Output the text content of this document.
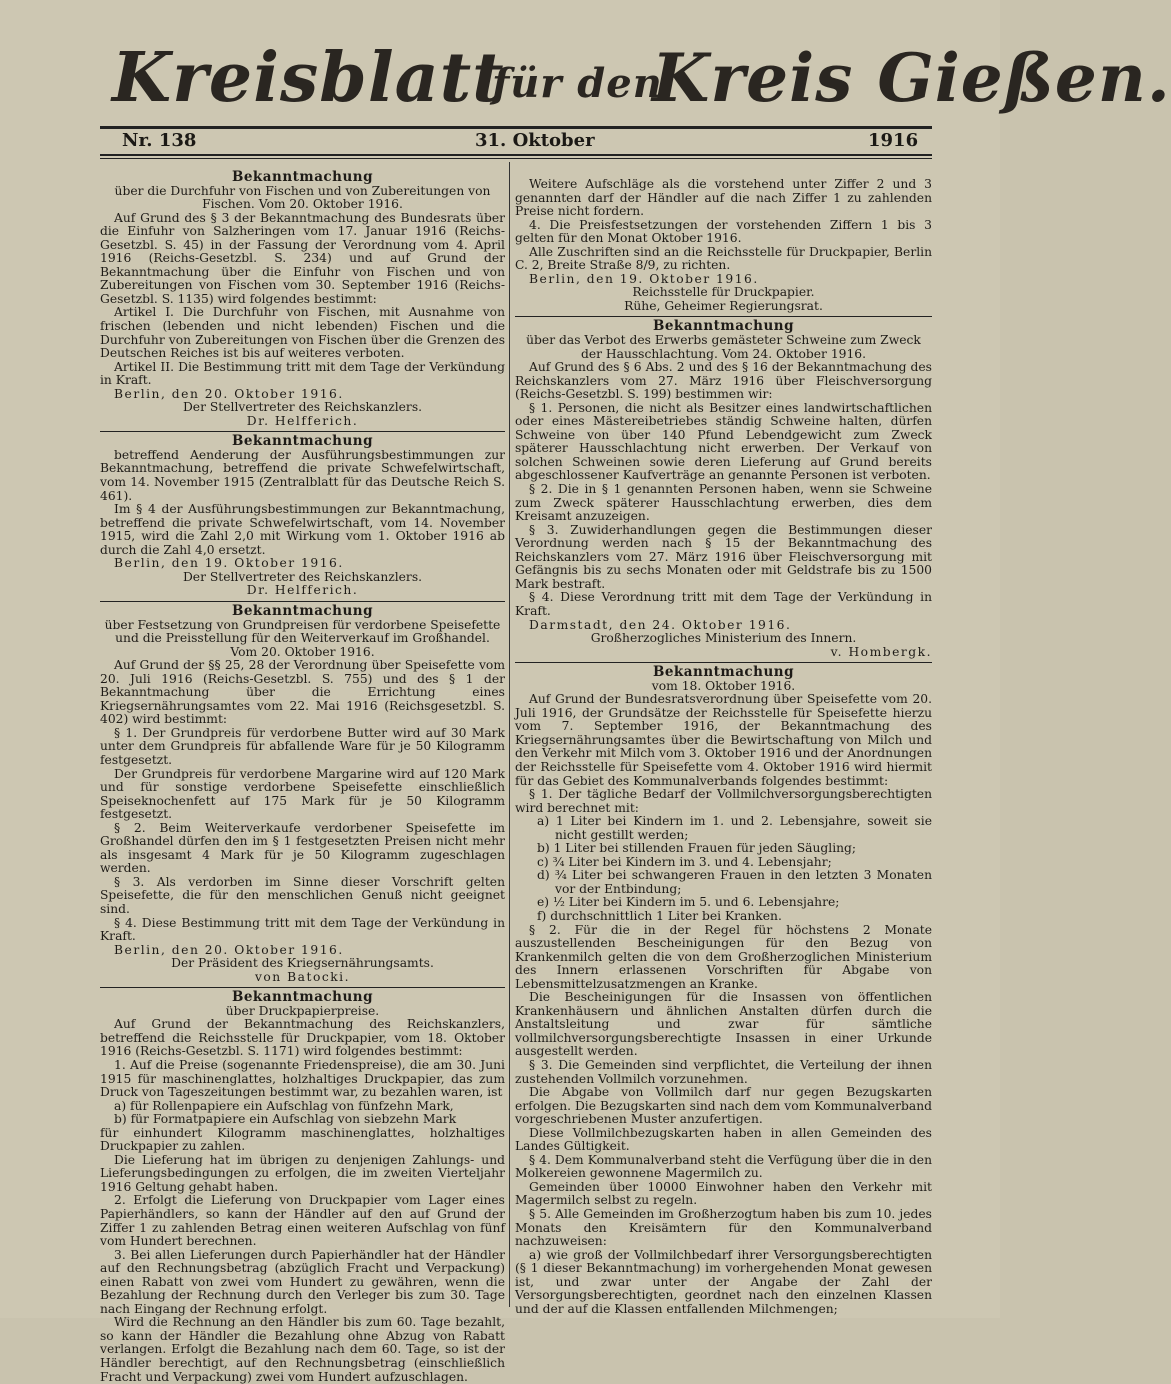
Kreisblatt
für den
Kreis Gießen.
Nr. 138	31. Oktober	1916

Bekanntmachung

über die Durchfuhr von Fischen und von Zubereitungen von Fischen. Vom 20. Oktober 1916.

Auf Grund des § 3 der Bekanntmachung des Bundesrats über die Einfuhr von Salzheringen vom 17. Januar 1916 (Reichs-Gesetzbl. S. 45) in der Fassung der Verordnung vom 4. April 1916 (Reichs-Gesetzbl. S. 234) und auf Grund der Bekanntmachung über die Einfuhr von Fischen und von Zubereitungen von Fischen vom 30. September 1916 (Reichs-Gesetzbl. S. 1135) wird folgendes bestimmt:

Artikel I. Die Durchfuhr von Fischen, mit Ausnahme von frischen (lebenden und nicht lebenden) Fischen und die Durchfuhr von Zubereitungen von Fischen über die Grenzen des Deutschen Reiches ist bis auf weiteres verboten.

Artikel II. Die Bestimmung tritt mit dem Tage der Verkündung in Kraft.

Berlin, den 20. Oktober 1916.

Der Stellvertreter des Reichskanzlers.

Dr. Helfferich.

Bekanntmachung

betreffend Aenderung der Ausführungsbestimmungen zur Bekanntmachung, betreffend die private Schwefelwirtschaft, vom 14. November 1915 (Zentralblatt für das Deutsche Reich S. 461).

Im § 4 der Ausführungsbestimmungen zur Bekanntmachung, betreffend die private Schwefelwirtschaft, vom 14. November 1915, wird die Zahl 2,0 mit Wirkung vom 1. Oktober 1916 ab durch die Zahl 4,0 ersetzt.

Berlin, den 19. Oktober 1916.

Der Stellvertreter des Reichskanzlers.

Dr. Helfferich.

Bekanntmachung

über Festsetzung von Grundpreisen für verdorbene Speisefette und die Preisstellung für den Weiterverkauf im Großhandel.

Vom 20. Oktober 1916.

Auf Grund der §§ 25, 28 der Verordnung über Speisefette vom 20. Juli 1916 (Reichs-Gesetzbl. S. 755) und des § 1 der Bekanntmachung über die Errichtung eines Kriegsernährungsamtes vom 22. Mai 1916 (Reichsgesetzbl. S. 402) wird bestimmt:

§ 1. Der Grundpreis für verdorbene Butter wird auf 30 Mark unter dem Grundpreis für abfallende Ware für je 50 Kilogramm festgesetzt.

Der Grundpreis für verdorbene Margarine wird auf 120 Mark und für sonstige verdorbene Speisefette einschließlich Speiseknochenfett auf 175 Mark für je 50 Kilogramm festgesetzt.

§ 2. Beim Weiterverkaufe verdorbener Speisefette im Großhandel dürfen den im § 1 festgesetzten Preisen nicht mehr als insgesamt 4 Mark für je 50 Kilogramm zugeschlagen werden.

§ 3. Als verdorben im Sinne dieser Vorschrift gelten Speisefette, die für den menschlichen Genuß nicht geeignet sind.

§ 4. Diese Bestimmung tritt mit dem Tage der Verkündung in Kraft.

Berlin, den 20. Oktober 1916.

Der Präsident des Kriegsernährungsamts.

von Batocki.

Bekanntmachung

über Druckpapierpreise.

Auf Grund der Bekanntmachung des Reichskanzlers, betreffend die Reichsstelle für Druckpapier, vom 18. Oktober 1916 (Reichs-Gesetzbl. S. 1171) wird folgendes bestimmt:

1. Auf die Preise (sogenannte Friedenspreise), die am 30. Juni 1915 für maschinenglattes, holzhaltiges Druckpapier, das zum Druck von Tageszeitungen bestimmt war, zu bezahlen waren, ist

a) für Rollenpapiere ein Aufschlag von fünfzehn Mark,

b) für Formatpapiere ein Aufschlag von siebzehn Mark

für einhundert Kilogramm maschinenglattes, holzhaltiges Druckpapier zu zahlen.

Die Lieferung hat im übrigen zu denjenigen Zahlungs- und Lieferungsbedingungen zu erfolgen, die im zweiten Vierteljahr 1916 Geltung gehabt haben.

2. Erfolgt die Lieferung von Druckpapier vom Lager eines Papierhändlers, so kann der Händler auf den auf Grund der Ziffer 1 zu zahlenden Betrag einen weiteren Aufschlag von fünf vom Hundert berechnen.

3. Bei allen Lieferungen durch Papierhändler hat der Händler auf den Rechnungsbetrag (abzüglich Fracht und Verpackung) einen Rabatt von zwei vom Hundert zu gewähren, wenn die Bezahlung der Rechnung durch den Verleger bis zum 30. Tage nach Eingang der Rechnung erfolgt.

Wird die Rechnung an den Händler bis zum 60. Tage bezahlt, so kann der Händler die Bezahlung ohne Abzug von Rabatt verlangen. Erfolgt die Bezahlung nach dem 60. Tage, so ist der Händler berechtigt, auf den Rechnungsbetrag (einschließlich Fracht und Verpackung) zwei vom Hundert aufzuschlagen.

Weitere Aufschläge als die vorstehend unter Ziffer 2 und 3 genannten darf der Händler auf die nach Ziffer 1 zu zahlenden Preise nicht fordern.

4. Die Preisfestsetzungen der vorstehenden Ziffern 1 bis 3 gelten für den Monat Oktober 1916.

Alle Zuschriften sind an die Reichsstelle für Druckpapier, Berlin C. 2, Breite Straße 8/9, zu richten.

Berlin, den 19. Oktober 1916.

Reichsstelle für Druckpapier.

Rühe, Geheimer Regierungsrat.

Bekanntmachung

über das Verbot des Erwerbs gemästeter Schweine zum Zweck der Hausschlachtung. Vom 24. Oktober 1916.

Auf Grund des § 6 Abs. 2 und des § 16 der Bekanntmachung des Reichskanzlers vom 27. März 1916 über Fleischversorgung (Reichs-Gesetzbl. S. 199) bestimmen wir:

§ 1. Personen, die nicht als Besitzer eines landwirtschaftlichen oder eines Mästereibetriebes ständig Schweine halten, dürfen Schweine von über 140 Pfund Lebendgewicht zum Zweck späterer Hausschlachtung nicht erwerben. Der Verkauf von solchen Schweinen sowie deren Lieferung auf Grund bereits abgeschlossener Kaufverträge an genannte Personen ist verboten.

§ 2. Die in § 1 genannten Personen haben, wenn sie Schweine zum Zweck späterer Hausschlachtung erwerben, dies dem Kreisamt anzuzeigen.

§ 3. Zuwiderhandlungen gegen die Bestimmungen dieser Verordnung werden nach § 15 der Bekanntmachung des Reichskanzlers vom 27. März 1916 über Fleischversorgung mit Gefängnis bis zu sechs Monaten oder mit Geldstrafe bis zu 1500 Mark bestraft.

§ 4. Diese Verordnung tritt mit dem Tage der Verkündung in Kraft.

Darmstadt, den 24. Oktober 1916.

Großherzogliches Ministerium des Innern.

v. Hombergk.

Bekanntmachung

vom 18. Oktober 1916.

Auf Grund der Bundesratsverordnung über Speisefette vom 20. Juli 1916, der Grundsätze der Reichsstelle für Speisefette hierzu vom 7. September 1916, der Bekanntmachung des Kriegsernährungsamtes über die Bewirtschaftung von Milch und den Verkehr mit Milch vom 3. Oktober 1916 und der Anordnungen der Reichsstelle für Speisefette vom 4. Oktober 1916 wird hiermit für das Gebiet des Kommunalverbands folgendes bestimmt:

§ 1. Der tägliche Bedarf der Vollmilchversorgungsberechtigten wird berechnet mit:

a) 1 Liter bei Kindern im 1. und 2. Lebensjahre, soweit sie nicht gestillt werden;

b) 1 Liter bei stillenden Frauen für jeden Säugling;

c) ¾ Liter bei Kindern im 3. und 4. Lebensjahr;

d) ¾ Liter bei schwangeren Frauen in den letzten 3 Monaten vor der Entbindung;

e) ½ Liter bei Kindern im 5. und 6. Lebensjahre;

f) durchschnittlich 1 Liter bei Kranken.

§ 2. Für die in der Regel für höchstens 2 Monate auszustellenden Bescheinigungen für den Bezug von Krankenmilch gelten die von dem Großherzoglichen Ministerium des Innern erlassenen Vorschriften für Abgabe von Lebensmittelzusatzmengen an Kranke.

Die Bescheinigungen für die Insassen von öffentlichen Krankenhäusern und ähnlichen Anstalten dürfen durch die Anstaltsleitung und zwar für sämtliche vollmilchversorgungsberechtigte Insassen in einer Urkunde ausgestellt werden.

§ 3. Die Gemeinden sind verpflichtet, die Verteilung der ihnen zustehenden Vollmilch vorzunehmen.

Die Abgabe von Vollmilch darf nur gegen Bezugskarten erfolgen. Die Bezugskarten sind nach dem vom Kommunalverband vorgeschriebenen Muster anzufertigen.

Diese Vollmilchbezugskarten haben in allen Gemeinden des Landes Gültigkeit.

§ 4. Dem Kommunalverband steht die Verfügung über die in den Molkereien gewonnene Magermilch zu.

Gemeinden über 10000 Einwohner haben den Verkehr mit Magermilch selbst zu regeln.

§ 5. Alle Gemeinden im Großherzogtum haben bis zum 10. jedes Monats den Kreisämtern für den Kommunalverband nachzuweisen:

a) wie groß der Vollmilchbedarf ihrer Versorgungsberechtigten (§ 1 dieser Bekanntmachung) im vorhergehenden Monat gewesen ist, und zwar unter der Angabe der Zahl der Versorgungsberechtigten, geordnet nach den einzelnen Klassen und der auf die Klassen entfallenden Milchmengen;
